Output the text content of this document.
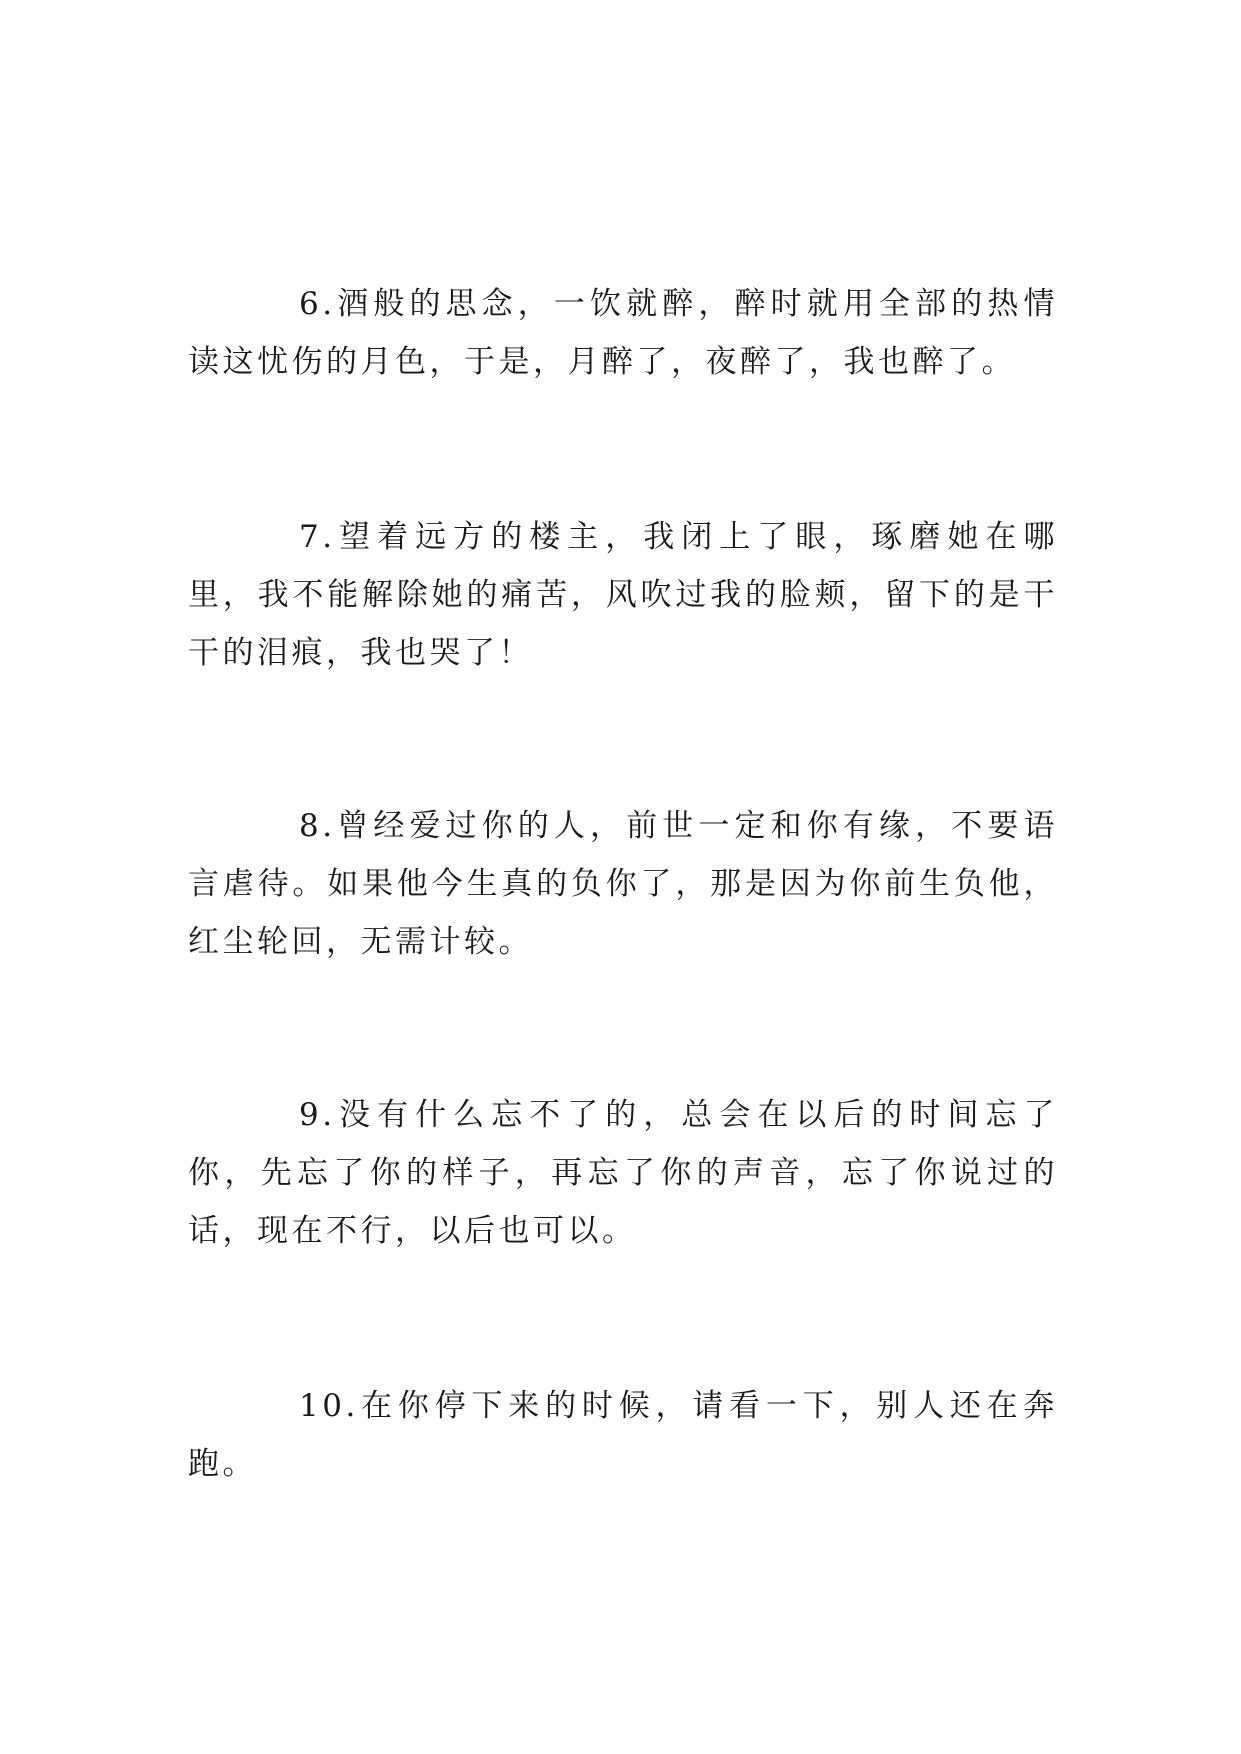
6.酒般的思念，一饮就醉，醉时就用全部的热情读这忧伤的月色，于是，月醉了，夜醉了，我也醉了。

7.望着远方的楼主，我闭上了眼，琢磨她在哪里，我不能解除她的痛苦，风吹过我的脸颊，留下的是干干的泪痕，我也哭了！

8.曾经爱过你的人，前世一定和你有缘，不要语言虐待。如果他今生真的负你了，那是因为你前生负他，红尘轮回，无需计较。

9.没有什么忘不了的，总会在以后的时间忘了你，先忘了你的样子，再忘了你的声音，忘了你说过的话，现在不行，以后也可以。

10.在你停下来的时候，请看一下，别人还在奔跑。
